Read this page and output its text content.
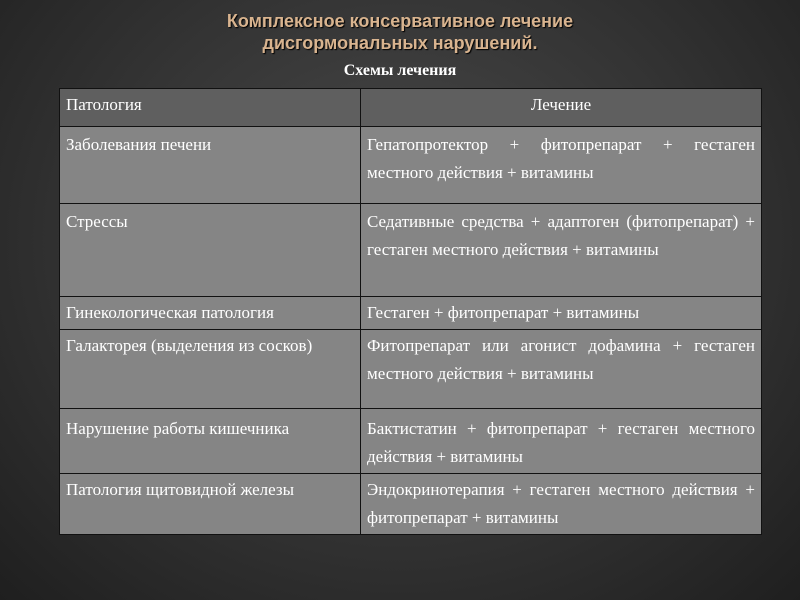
Комплексное консервативное лечение
дисгормональных нарушений.
Схемы лечения
Патология	Лечение
Заболевания печени	Гепатопротектор + фитопрепарат + гестаген местного действия + витамины
Стрессы	Седативные средства + адаптоген (фитопрепарат) + гестаген местного действия + витамины
Гинекологическая патология	Гестаген + фитопрепарат + витамины
Галакторея (выделения из сосков)	Фитопрепарат или агонист дофамина + гестаген местного действия + витамины
Нарушение работы кишечника	Бактистатин + фитопрепарат + гестаген местного действия + витамины
Патология щитовидной железы	Эндокринотерапия + гестаген местного действия + фитопрепарат + витамины
